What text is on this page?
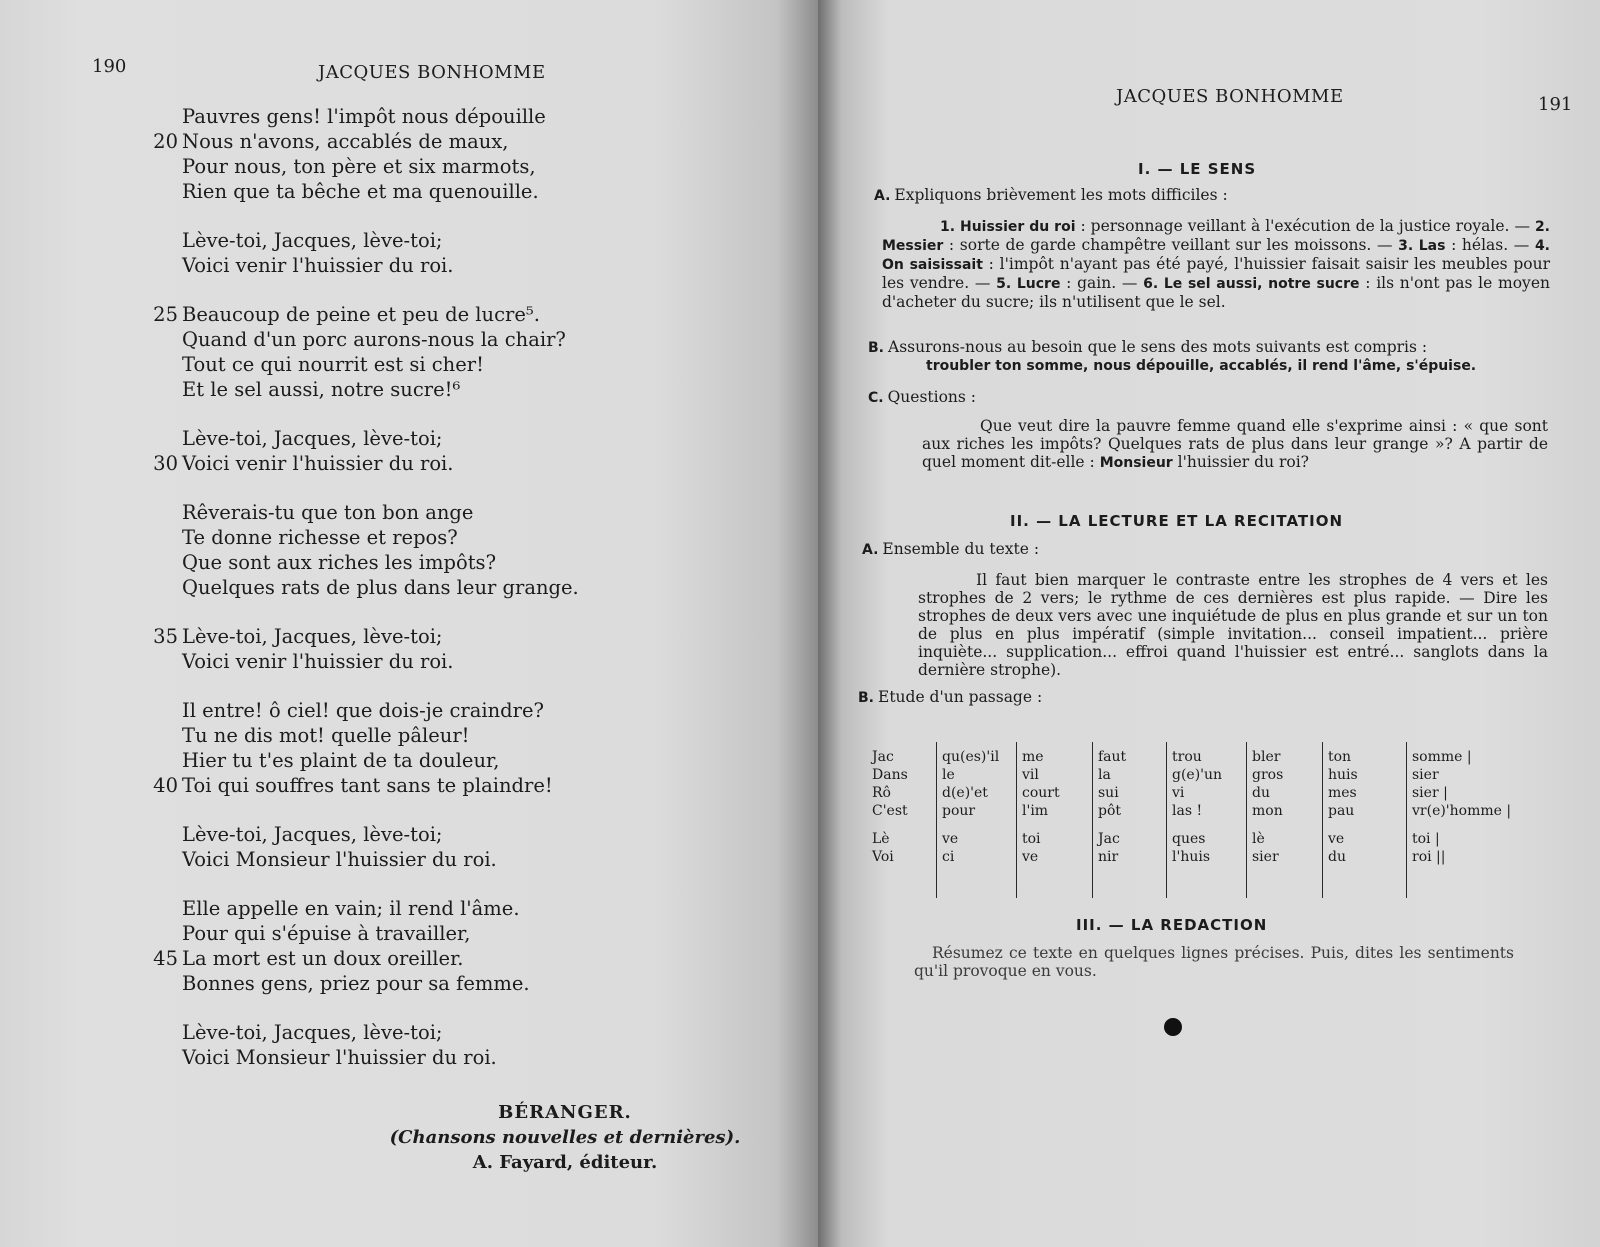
190	JACQUES BONHOMME
Pauvres gens! l'impôt nous dépouille
20 Nous n'avons, accablés de maux,
Pour nous, ton père et six marmots,
Rien que ta bêche et ma quenouille.
Lève-toi, Jacques, lève-toi;
Voici venir l'huissier du roi.
25 Beaucoup de peine et peu de lucre⁵.
Quand d'un porc aurons-nous la chair?
Tout ce qui nourrit est si cher!
Et le sel aussi, notre sucre!⁶
Lève-toi, Jacques, lève-toi;
30 Voici venir l'huissier du roi.
Rêverais-tu que ton bon ange
Te donne richesse et repos?
Que sont aux riches les impôts?
Quelques rats de plus dans leur grange.
35 Lève-toi, Jacques, lève-toi;
Voici venir l'huissier du roi.
Il entre! ô ciel! que dois-je craindre?
Tu ne dis mot! quelle pâleur!
Hier tu t'es plaint de ta douleur,
40 Toi qui souffres tant sans te plaindre!
Lève-toi, Jacques, lève-toi;
Voici Monsieur l'huissier du roi.
Elle appelle en vain; il rend l'âme.
Pour qui s'épuise à travailler,
45 La mort est un doux oreiller.
Bonnes gens, priez pour sa femme.
Lève-toi, Jacques, lève-toi;
Voici Monsieur l'huissier du roi.
BÉRANGER.
(Chansons nouvelles et dernières).
A. Fayard, éditeur.
JACQUES BONHOMME	191
I. — LE SENS
A. Expliquons brièvement les mots difficiles :
1. Huissier du roi : personnage veillant à l'exécution de la justice royale. — 2. Messier : sorte de garde champêtre veillant sur les moissons. — 3. Las : hélas. — 4. On saisissait : l'impôt n'ayant pas été payé, l'huissier faisait saisir les meubles pour les vendre. — 5. Lucre : gain. — 6. Le sel aussi, notre sucre : ils n'ont pas le moyen d'acheter du sucre; ils n'utilisent que le sel.
B. Assurons-nous au besoin que le sens des mots suivants est compris :
troubler ton somme, nous dépouille, accablés, il rend l'âme, s'épuise.
C. Questions :
Que veut dire la pauvre femme quand elle s'exprime ainsi : « que sont aux riches les impôts? Quelques rats de plus dans leur grange »? A partir de quel moment dit-elle : Monsieur l'huissier du roi?
II. — LA LECTURE ET LA RECITATION
A. Ensemble du texte :
Il faut bien marquer le contraste entre les strophes de 4 vers et les strophes de 2 vers; le rythme de ces dernières est plus rapide. — Dire les strophes de deux vers avec une inquiétude de plus en plus grande et sur un ton de plus en plus impératif (simple invitation... conseil impatient... prière inquiète... supplication... effroi quand l'huissier est entré... sanglots dans la dernière strophe).
B. Etude d'un passage :
Jac
Dans
Rô
C'est
Lè
Voi
qu(es)'il
le
d(e)'et
pour
ve
ci
me
vil
court
l'im
toi
ve
faut
la
sui
pôt
Jac
nir
trou
g(e)'un
vi
las !
ques
l'huis
bler
gros
du
mon
lè
sier
ton
huis
mes
pau
ve
du
somme |
sier
sier |
vr(e)'homme |
toi |
roi ||
III. — LA REDACTION
Résumez ce texte en quelques lignes précises. Puis, dites les sentiments qu'il provoque en vous.
